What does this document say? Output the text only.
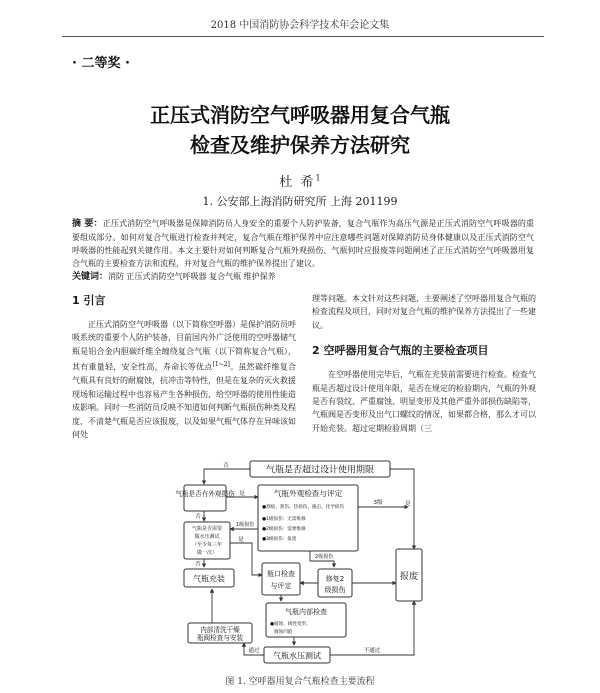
2018 中国消防协会科学技术年会论文集
· 二等奖 ·
正压式消防空气呼吸器用复合气瓶
检查及维护保养方法研究
杜 希$^1$
1. 公安部上海消防研究所 上海 201199
摘 要：正压式消防空气呼吸器是保障消防员人身安全的重要个人防护装备，复合气瓶作为高压气源是正压式消防空气呼吸器的重要组成部分。如何对复合气瓶进行检查并判定，复合气瓶在维护保养中应注意哪些问题对保障消防员身体健康以及正压式消防空气呼吸器的性能起到关键作用。本文主要针对如何判断复合气瓶外观损伤、气瓶何时应报废等问题阐述了正压式消防空气呼吸器用复合气瓶的主要检查方法和流程，并对复合气瓶的维护保养提出了建议。
关键词：消防 正压式消防空气呼吸器 复合气瓶 维护保养
1 引言

正压式消防空气呼吸器（以下简称空呼器）是保护消防员呼吸系统的重要个人防护装备，目前国内外广泛使用的空呼器储气瓶是铝合金内胆碳纤维全缠绕复合气瓶（以下简称复合气瓶），其有重量轻，安全性高，寿命长等优点[1~2]。虽然碳纤维复合气瓶具有良好的耐腐蚀，抗冲击等特性，但是在复杂的灭火救援现场和运输过程中也容易产生各种损伤，给空呼器的使用性能造成影响。同时一些消防员反映不知道如何判断气瓶损伤种类及程度，不清楚气瓶是否应该报废，以及如果气瓶气体存在异味该如何处

理等问题。本文针对这些问题，主要阐述了空呼器用复合气瓶的检查流程及项目，同时对复合气瓶的维护保养方法提出了一些建议。

2 空呼器用复合气瓶的主要检查项目

在空呼器使用完毕后，气瓶在充装前需要进行检查。检查气瓶是否超过设计使用年限，是否在规定的检验期内，气瓶的外观是否有裂纹、严重腐蚀、明显变形及其他严重外部损伤缺陷等，气瓶阀是否变形及出气口螺纹的情况，如果都合格，那么才可以开始充装。超过定期检验周期（三

气瓶是否超过设计使用期限
气瓶是否有外观损伤	气瓶外观检查与评定
●割痕、刮伤、热损伤、撞击、化学损伤
●1级损伤：无需维修
●2级损伤：需要维修
●3级损伤：报废
气瓶是否需要
做水压测试
（至少每三年
做一次）
瓶口检查
与评定
修复2
级损伤
报废
气瓶充装
气瓶内部检查
●腐蚀、线性变形、
腐蚀凹陷
内部清洗干燥
瓶阀检查与安装
气瓶水压测试
否
是
是
否
3级
1级损伤
2级损伤
否
是
通过	不通过
图 1. 空呼器用复合气瓶检查主要流程
